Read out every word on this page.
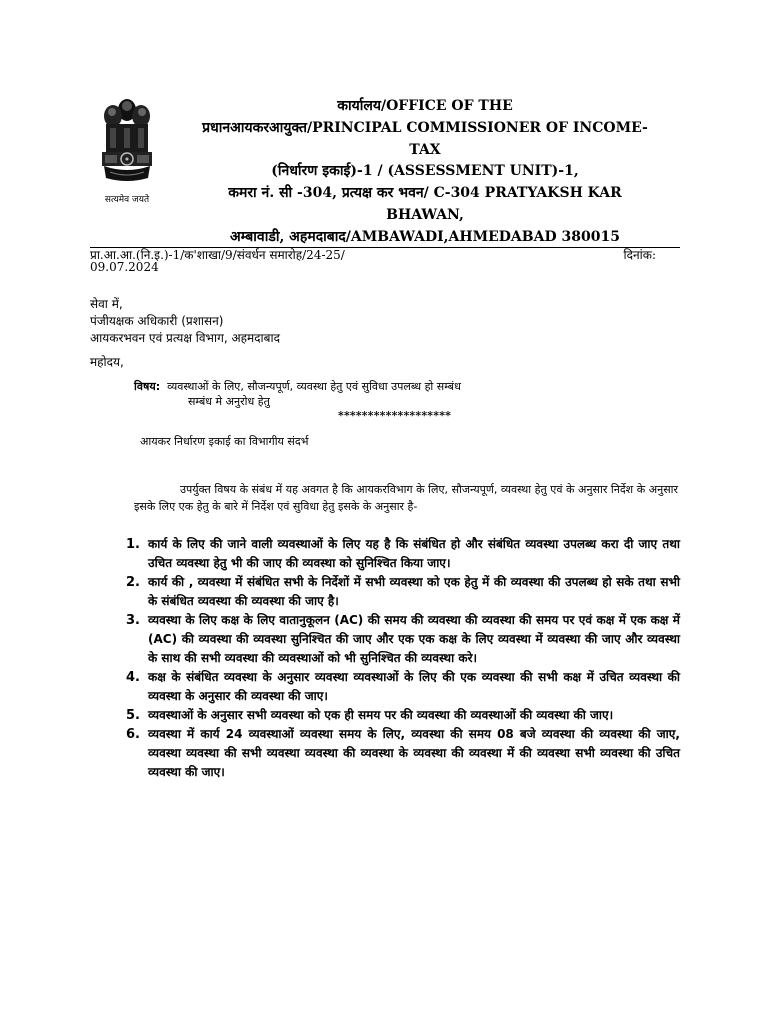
सत्यमेव जयते
कार्यालय/OFFICE OF THE
प्रधानआयकरआयुक्त/PRINCIPAL COMMISSIONER OF INCOME-
TAX
(निर्धारण इकाई)-1 / (ASSESSMENT UNIT)-1,
कमरा नं. सी -304, प्रत्यक्ष कर भवन/ C-304 PRATYAKSH KAR
BHAWAN,
अम्बावाडी, अहमदाबाद/AMBAWADI,AHMEDABAD 380015
प्रा.आ.आ.(नि.इ.)-1/क'शाखा/9/संवर्धन समारोह/24-25/	दिनांक:
09.07.2024
सेवा में,
पंजीयक्षक अधिकारी (प्रशासन)
आयकरभवन एवं प्रत्यक्ष विभाग, अहमदाबाद
महोदय,
विषय: व्यवस्थाओं के लिए, सौजन्यपूर्ण, व्यवस्था हेतु एवं सुविधा उपलब्ध हो सम्बंध
सम्बंध मे अनुरोध हेतु
*******************
आयकर निर्धारण इकाई का विभागीय संदर्भ
उपर्युक्त विषय के संबंध में यह अवगत है कि आयकरविभाग के लिए, सौजन्यपूर्ण, व्यवस्था हेतु एवं के अनुसार निर्देश के अनुसार इसके लिए एक हेतु के बारे में निर्देश एवं सुविधा हेतु इसके के अनुसार है-
1. कार्य के लिए की जाने वाली व्यवस्थाओं के लिए यह है कि संबंधित हो और संबंधित व्यवस्था उपलब्ध करा दी जाए तथा उचित व्यवस्था हेतु भी की जाए की व्यवस्था को सुनिश्चित किया जाए।
2. कार्य की , व्यवस्था में संबंधित सभी के निर्देशों में सभी व्यवस्था को एक हेतु में की व्यवस्था की उपलब्ध हो सके तथा सभी के संबंधित व्यवस्था की व्यवस्था की जाए है।
3. व्यवस्था के लिए कक्ष के लिए वातानुकूलन (AC) की समय की व्यवस्था की व्यवस्था की समय पर एवं कक्ष में एक कक्ष में (AC) की व्यवस्था की व्यवस्था सुनिश्चित की जाए और एक एक कक्ष के लिए व्यवस्था में व्यवस्था की जाए और व्यवस्था के साथ की सभी व्यवस्था की व्यवस्थाओं को भी सुनिश्चित की व्यवस्था करे।
4. कक्ष के संबंधित व्यवस्था के अनुसार व्यवस्था व्यवस्थाओं के लिए की एक व्यवस्था की सभी कक्ष में उचित व्यवस्था की व्यवस्था के अनुसार की व्यवस्था की जाए।
5. व्यवस्थाओं के अनुसार सभी व्यवस्था को एक ही समय पर की व्यवस्था की व्यवस्थाओं की व्यवस्था की जाए।
6. व्यवस्था में कार्य 24 व्यवस्थाओं व्यवस्था समय के लिए, व्यवस्था की समय 08 बजे व्यवस्था की व्यवस्था की जाए, व्यवस्था व्यवस्था की सभी व्यवस्था व्यवस्था की व्यवस्था के व्यवस्था की व्यवस्था में की व्यवस्था सभी व्यवस्था की उचित व्यवस्था की जाए।
